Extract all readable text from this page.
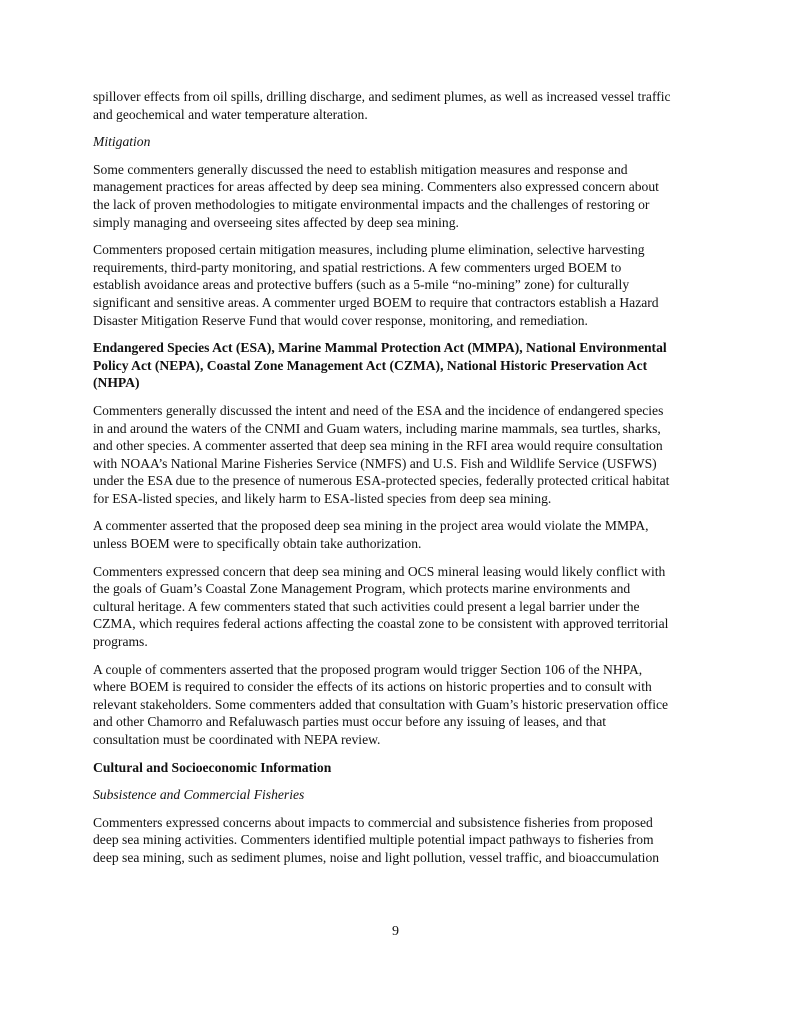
spillover effects from oil spills, drilling discharge, and sediment plumes, as well as increased vessel traffic
and geochemical and water temperature alteration.
Mitigation
Some commenters generally discussed the need to establish mitigation measures and response and
management practices for areas affected by deep sea mining. Commenters also expressed concern about
the lack of proven methodologies to mitigate environmental impacts and the challenges of restoring or
simply managing and overseeing sites affected by deep sea mining.
Commenters proposed certain mitigation measures, including plume elimination, selective harvesting
requirements, third-party monitoring, and spatial restrictions. A few commenters urged BOEM to
establish avoidance areas and protective buffers (such as a 5-mile “no-mining” zone) for culturally
significant and sensitive areas. A commenter urged BOEM to require that contractors establish a Hazard
Disaster Mitigation Reserve Fund that would cover response, monitoring, and remediation.
Endangered Species Act (ESA), Marine Mammal Protection Act (MMPA), National Environmental
Policy Act (NEPA), Coastal Zone Management Act (CZMA), National Historic Preservation Act
(NHPA)
Commenters generally discussed the intent and need of the ESA and the incidence of endangered species
in and around the waters of the CNMI and Guam waters, including marine mammals, sea turtles, sharks,
and other species. A commenter asserted that deep sea mining in the RFI area would require consultation
with NOAA’s National Marine Fisheries Service (NMFS) and U.S. Fish and Wildlife Service (USFWS)
under the ESA due to the presence of numerous ESA-protected species, federally protected critical habitat
for ESA-listed species, and likely harm to ESA-listed species from deep sea mining.
A commenter asserted that the proposed deep sea mining in the project area would violate the MMPA,
unless BOEM were to specifically obtain take authorization.
Commenters expressed concern that deep sea mining and OCS mineral leasing would likely conflict with
the goals of Guam’s Coastal Zone Management Program, which protects marine environments and
cultural heritage. A few commenters stated that such activities could present a legal barrier under the
CZMA, which requires federal actions affecting the coastal zone to be consistent with approved territorial
programs.
A couple of commenters asserted that the proposed program would trigger Section 106 of the NHPA,
where BOEM is required to consider the effects of its actions on historic properties and to consult with
relevant stakeholders. Some commenters added that consultation with Guam’s historic preservation office
and other Chamorro and Refaluwasch parties must occur before any issuing of leases, and that
consultation must be coordinated with NEPA review.
Cultural and Socioeconomic Information
Subsistence and Commercial Fisheries
Commenters expressed concerns about impacts to commercial and subsistence fisheries from proposed
deep sea mining activities. Commenters identified multiple potential impact pathways to fisheries from
deep sea mining, such as sediment plumes, noise and light pollution, vessel traffic, and bioaccumulation
9
